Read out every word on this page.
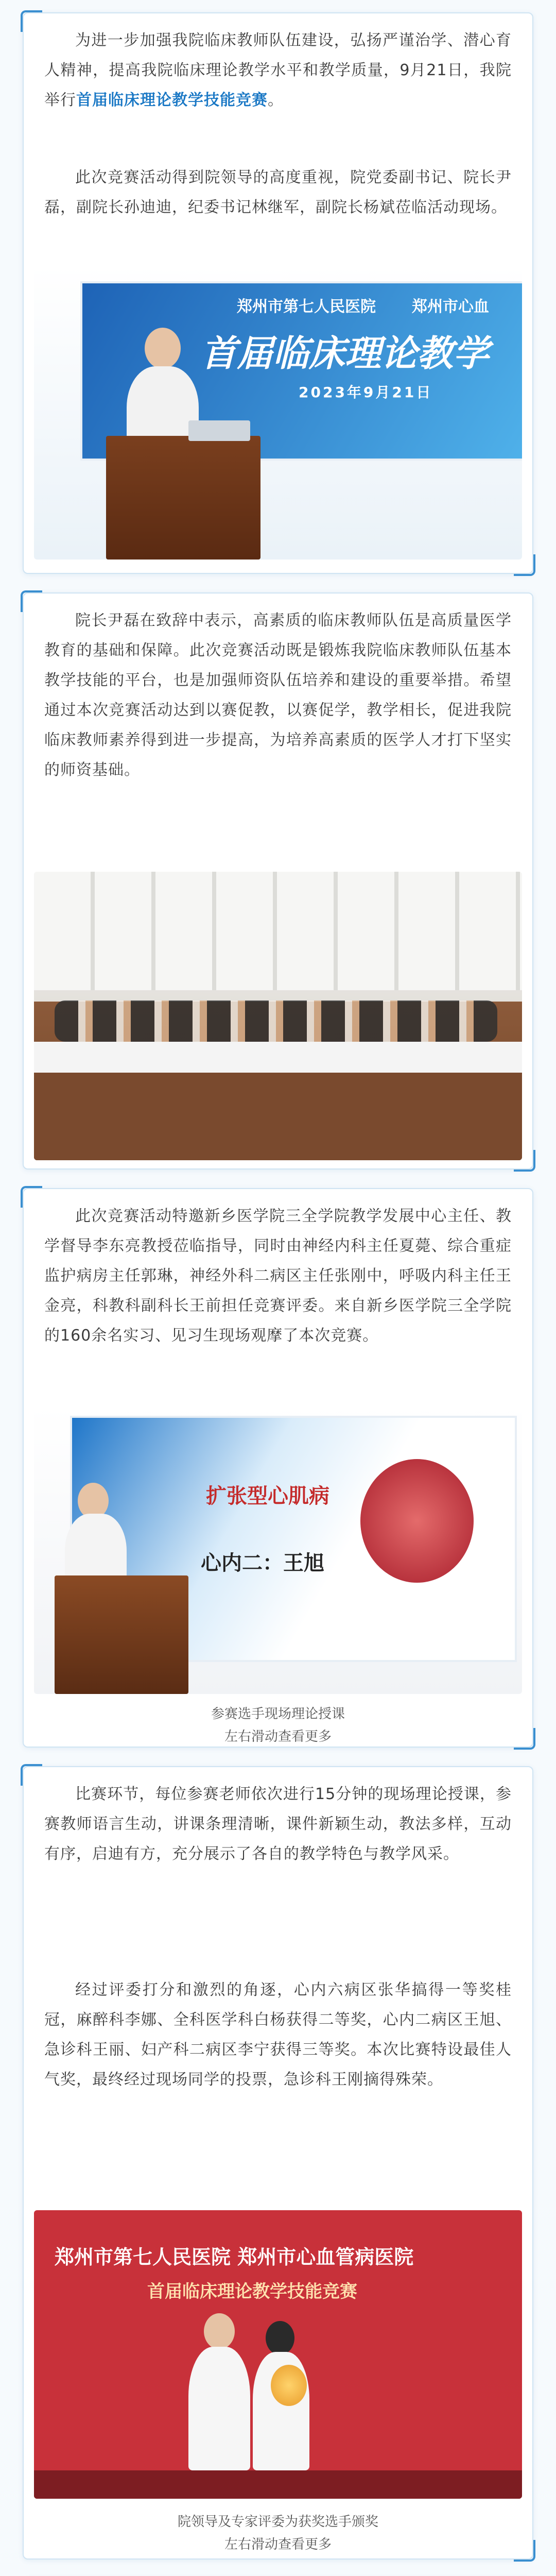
为进一步加强我院临床教师队伍建设，弘扬严谨治学、潜心育人精神，提高我院临床理论教学水平和教学质量，9月21日，我院举行首届临床理论教学技能竞赛。

此次竞赛活动得到院领导的高度重视，院党委副书记、院长尹磊，副院长孙迪迪，纪委书记林继军，副院长杨斌莅临活动现场。

郑州市第七人民医院 郑州市心血
首届临床理论教学
2023年9月21日

院长尹磊在致辞中表示，高素质的临床教师队伍是高质量医学教育的基础和保障。此次竞赛活动既是锻炼我院临床教师队伍基本教学技能的平台，也是加强师资队伍培养和建设的重要举措。希望通过本次竞赛活动达到以赛促教，以赛促学，教学相长，促进我院临床教师素养得到进一步提高，为培养高素质的医学人才打下坚实的师资基础。

此次竞赛活动特邀新乡医学院三全学院教学发展中心主任、教学督导李东亮教授莅临指导，同时由神经内科主任夏薨、综合重症监护病房主任郭琳，神经外科二病区主任张刚中，呼吸内科主任王金亮，科教科副科长王前担任竞赛评委。来自新乡医学院三全学院的160余名实习、见习生现场观摩了本次竞赛。

扩张型心肌病
心内二：王旭

参赛选手现场理论授课

左右滑动查看更多

比赛环节，每位参赛老师依次进行15分钟的现场理论授课，参赛教师语言生动，讲课条理清晰，课件新颖生动，教法多样，互动有序，启迪有方，充分展示了各自的教学特色与教学风采。

经过评委打分和激烈的角逐，心内六病区张华搞得一等奖桂冠，麻醉科李娜、全科医学科白杨获得二等奖，心内二病区王旭、急诊科王丽、妇产科二病区李宁获得三等奖。本次比赛特设最佳人气奖，最终经过现场同学的投票，急诊科王刚摘得殊荣。

郑州市第七人民医院 郑州市心血管病医院
首届临床理论教学技能竞赛

院领导及专家评委为获奖选手颁奖

左右滑动查看更多
